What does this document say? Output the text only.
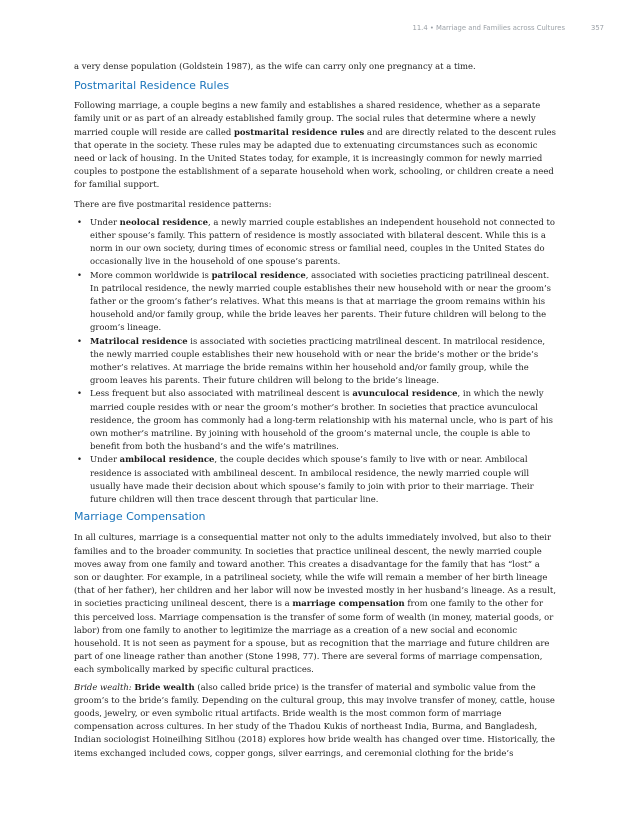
11.4 • Marriage and Families across Cultures	357

a very dense population (Goldstein 1987), as the wife can carry only one pregnancy at a time.

Postmarital Residence Rules

Following marriage, a couple begins a new family and establishes a shared residence, whether as a separate family unit or as part of an already established family group. The social rules that determine where a newly married couple will reside are called postmarital residence rules and are directly related to the descent rules that operate in the society. These rules may be adapted due to extenuating circumstances such as economic need or lack of housing. In the United States today, for example, it is increasingly common for newly married couples to postpone the establishment of a separate household when work, schooling, or children create a need for familial support.

There are five postmarital residence patterns:

• Under neolocal residence, a newly married couple establishes an independent household not connected to either spouse’s family. This pattern of residence is mostly associated with bilateral descent. While this is a norm in our own society, during times of economic stress or familial need, couples in the United States do occasionally live in the household of one spouse’s parents.
• More common worldwide is patrilocal residence, associated with societies practicing patrilineal descent. In patrilocal residence, the newly married couple establishes their new household with or near the groom’s father or the groom’s father’s relatives. What this means is that at marriage the groom remains within his household and/or family group, while the bride leaves her parents. Their future children will belong to the groom’s lineage.
• Matrilocal residence is associated with societies practicing matrilineal descent. In matrilocal residence, the newly married couple establishes their new household with or near the bride’s mother or the bride’s mother’s relatives. At marriage the bride remains within her household and/or family group, while the groom leaves his parents. Their future children will belong to the bride’s lineage.
• Less frequent but also associated with matrilineal descent is avunculocal residence, in which the newly married couple resides with or near the groom’s mother’s brother. In societies that practice avunculocal residence, the groom has commonly had a long-term relationship with his maternal uncle, who is part of his own mother’s matriline. By joining with household of the groom’s maternal uncle, the couple is able to benefit from both the husband’s and the wife’s matrilines.
• Under ambilocal residence, the couple decides which spouse’s family to live with or near. Ambilocal residence is associated with ambilineal descent. In ambilocal residence, the newly married couple will usually have made their decision about which spouse’s family to join with prior to their marriage. Their future children will then trace descent through that particular line.
Marriage Compensation

In all cultures, marriage is a consequential matter not only to the adults immediately involved, but also to their families and to the broader community. In societies that practice unilineal descent, the newly married couple moves away from one family and toward another. This creates a disadvantage for the family that has “lost” a son or daughter. For example, in a patrilineal society, while the wife will remain a member of her birth lineage (that of her father), her children and her labor will now be invested mostly in her husband’s lineage. As a result, in societies practicing unilineal descent, there is a marriage compensation from one family to the other for this perceived loss. Marriage compensation is the transfer of some form of wealth (in money, material goods, or labor) from one family to another to legitimize the marriage as a creation of a new social and economic household. It is not seen as payment for a spouse, but as recognition that the marriage and future children are part of one lineage rather than another (Stone 1998, 77). There are several forms of marriage compensation, each symbolically marked by specific cultural practices.

Bride wealth: Bride wealth (also called bride price) is the transfer of material and symbolic value from the groom’s to the bride’s family. Depending on the cultural group, this may involve transfer of money, cattle, house goods, jewelry, or even symbolic ritual artifacts. Bride wealth is the most common form of marriage compensation across cultures. In her study of the Thadou Kukis of northeast India, Burma, and Bangladesh, Indian sociologist Hoineilhing Sitlhou (2018) explores how bride wealth has changed over time. Historically, the items exchanged included cows, copper gongs, silver earrings, and ceremonial clothing for the bride’s
